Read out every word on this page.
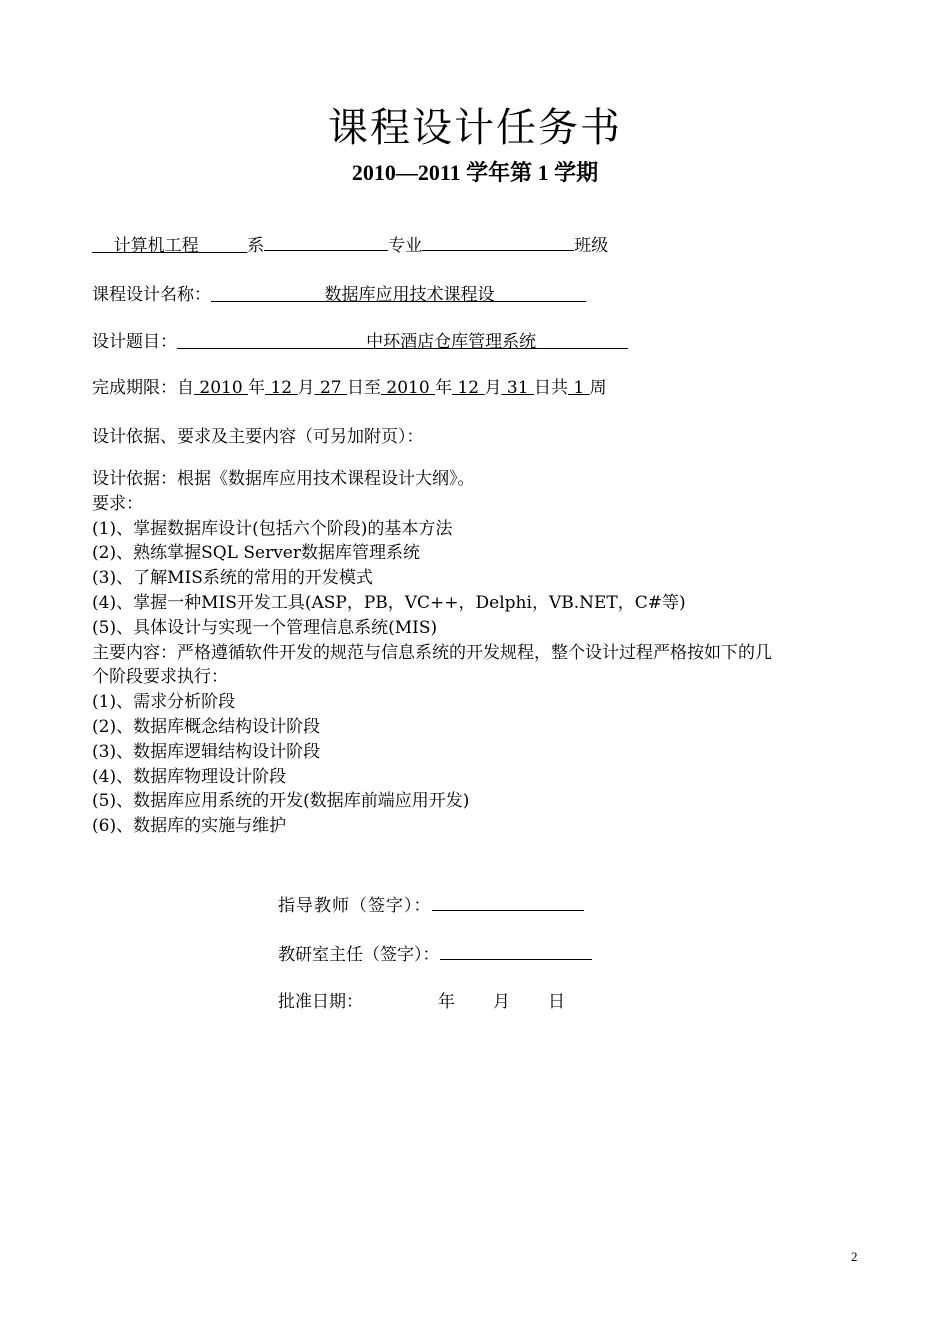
课程设计任务书
2010—2011 学年第 1 学期
计算机工程	系	专业	班级
课程设计名称：	数据库应用技术课程设
设计题目：	中环酒店仓库管理系统
完成期限：自 2010 年 12 月 27 日至 2010 年 12 月 31 日共 1 周
设计依据、要求及主要内容（可另加附页）：
设计依据：根据《数据库应用技术课程设计大纲》。
要求：
(1)、掌握数据库设计(包括六个阶段)的基本方法
(2)、熟练掌握SQL Server数据库管理系统
(3)、了解MIS系统的常用的开发模式
(4)、掌握一种MIS开发工具(ASP，PB，VC++，Delphi，VB.NET，C#等)
(5)、具体设计与实现一个管理信息系统(MIS)
主要内容：严格遵循软件开发的规范与信息系统的开发规程，整个设计过程严格按如下的几
个阶段要求执行：
(1)、需求分析阶段
(2)、数据库概念结构设计阶段
(3)、数据库逻辑结构设计阶段
(4)、数据库物理设计阶段
(5)、数据库应用系统的开发(数据库前端应用开发)
(6)、数据库的实施与维护
指导教师（签字）：
教研室主任（签字）：
批准日期：	年 月 日
2
